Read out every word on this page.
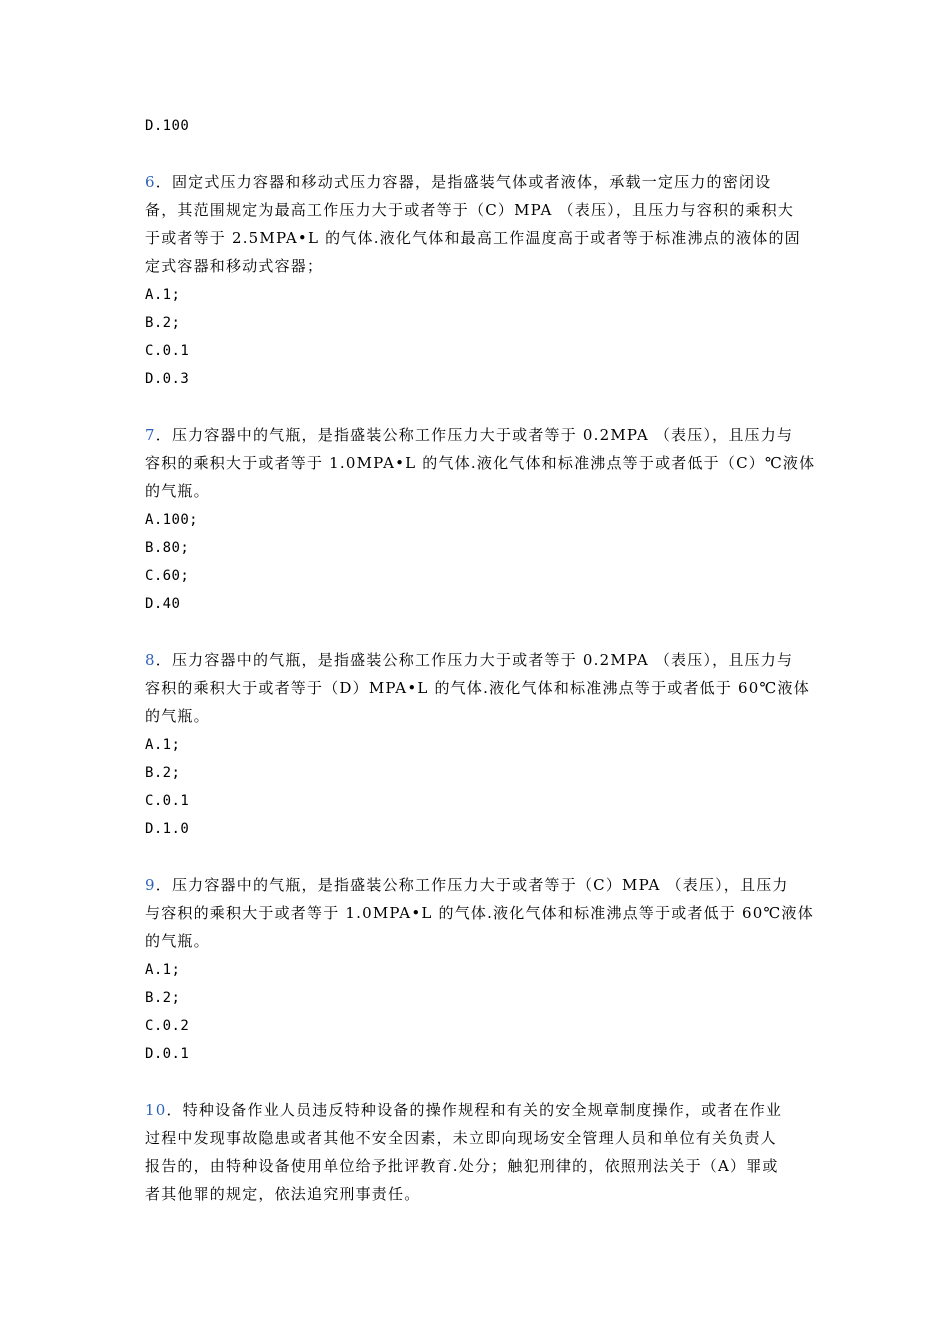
D.100
6．固定式压力容器和移动式压力容器，是指盛装气体或者液体，承载一定压力的密闭设
备，其范围规定为最高工作压力大于或者等于（C）MPA （表压），且压力与容积的乘积大
于或者等于 2.5MPA•L 的气体.液化气体和最高工作温度高于或者等于标准沸点的液体的固
定式容器和移动式容器；
A.1;
B.2;
C.0.1
D.0.3
7．压力容器中的气瓶，是指盛装公称工作压力大于或者等于 0.2MPA （表压），且压力与
容积的乘积大于或者等于 1.0MPA•L 的气体.液化气体和标准沸点等于或者低于（C）℃液体
的气瓶。
A.100;
B.80;
C.60;
D.40
8．压力容器中的气瓶，是指盛装公称工作压力大于或者等于 0.2MPA （表压），且压力与
容积的乘积大于或者等于（D）MPA•L 的气体.液化气体和标准沸点等于或者低于 60℃液体
的气瓶。
A.1;
B.2;
C.0.1
D.1.0
9．压力容器中的气瓶，是指盛装公称工作压力大于或者等于（C）MPA （表压），且压力
与容积的乘积大于或者等于 1.0MPA•L 的气体.液化气体和标准沸点等于或者低于 60℃液体
的气瓶。
A.1;
B.2;
C.0.2
D.0.1
10．特种设备作业人员违反特种设备的操作规程和有关的安全规章制度操作，或者在作业
过程中发现事故隐患或者其他不安全因素，未立即向现场安全管理人员和单位有关负责人
报告的，由特种设备使用单位给予批评教育.处分；触犯刑律的，依照刑法关于（A）罪或
者其他罪的规定，依法追究刑事责任。
